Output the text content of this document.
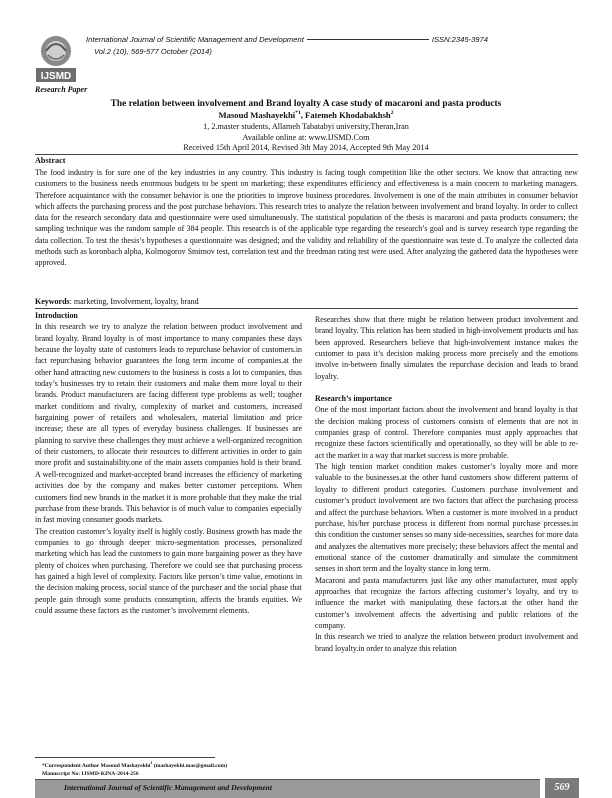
IJSMD
International Journal of Scientific Management and Development	ISSN:2345-3974
Vol.2 (10), 569-577 October (2014)
Research Paper
The relation between involvement and Brand loyalty A case study of macaroni and pasta products
Masoud Mashayekhi$^{*1}$, Fatemeh Khodabakhsh$^2$
1, 2.master students, Allameh Tabatabyi university,Theran,Iran
Available online at: www.IJSMD.Com
Received 15th April 2014, Revised 3th May 2014, Accepted 9th May 2014
Abstract
The food industry is for sure one of the key industries in any country. This industry is facing tough competition like the other sectors. We know that attracting new customers to the business needs enormous budgets to be spent on marketing; these expenditures efficiency and effectiveness is a main concern to marketing managers. Therefore acquaintance with the consumer behavior is one the priorities to improve business procedures. Involvement is one of the main attributes in consumer behavior which affects the purchasing process and the post purchase behaviors. This research tries to analyze the relation between involvement and brand loyalty. In order to collect data for the research secondary data and questionnaire were used simultaneously. The statistical population of the thesis is macaroni and pasta products consumers; the sampling technique was the random sample of 384 people. This research is of the applicable type regarding the research’s goal and is survey research type regarding the data collection. To test the thesis’s hypotheses a questionnaire was designed; and the validity and reliability of the questionnaire was teste d. To analyze the collected data methods such as koronbach alpha, Kolmogorov Smirnov test, correlation test and the freedman rating test were used. After analyzing the gathered data the hypotheses were approved.
Keywords: marketing, Involvement, loyalty, brand

Introduction

In this research we try to analyze the relation between product involvement and brand loyalty. Brand loyalty is of most importance to many companies these days because the loyalty state of customers leads to repurchase behavior of customers.in fact repurchasing behavior guarantees the long term income of companies.at the other hand attracting new customers to the business is costs a lot to companies, thus today’s businesses try to retain their customers and make them more loyal to their brands. Product manufacturers are facing different type problems as well; tougher market conditions and rivalry, complexity of market and customers, increased bargaining power of retailers and wholesalers, material limitation and price increase; these are all types of everyday business challenges. If businesses are planning to survive these challenges they must achieve a well-organized recognition of their customers, to allocate their resources to different activities in order to gain more profit and sustainability.one of the main assets companies hold is their brand. A well-recognized and market-accepted brand increases the efficiency of marketing activities doe by the company and makes better customer perceptions. When customers find new brands in the market it is more probable that they make the trial purchase from these brands. This behavior is of much value to companies especially in fast moving consumer goods markets.

The creation customer’s loyalty itself is highly costly. Business growth has made the companies to go through deeper micro-segmentation processes, personalized marketing which has lead the customers to gain more bargaining power as they have plenty of choices when purchasing. Therefore we could see that purchasing process has gained a high level of complexity. Factors like person’s time value, emotions in the decision making process, social stance of the purchaser and the social phase that people gain through some products consumption, affects the brands equities. We could assume these factors as the customer’s involvement elements.

Researches show that there might be relation between product involvement and brand loyalty. This relation has been studied in high-involvement products and has been approved. Researchers believe that high-involvement instance makes the customer to pass it’s decision making process more precisely and the emotions involve in-between finally simulates the repurchase decision and leads to brand loyalty.

Research’s importance

One of the most important factors about the involvement and brand loyalty is that the decision making process of customers consists of elements that are not in companies grasp of control. Therefore companies must apply approaches that recognize these factors scientifically and operationally, so they will be able to re-act the market in a way that market success is more probable.

The high tension market condition makes customer’s loyalty more and more valuable to the businesses.at the other hand customers show different patterns of loyalty to different product categories. Customers purchase involvement and customer’s product involvement are two factors that affect the purchasing process and affect the purchase behaviors. When a customer is more involved in a product purchase, his/her purchase process is different from normal purchase prcesses.in this condition the customer senses so many side-necessities, searches for more data and analyzes the alternatives more precisely; these behaviors affect the mental and emotional stance of the customer dramatically and simulate the commitment senses in short term and the loyalty stance in long term.

Macaroni and pasta manufacturers just like any other manufacturer, must apply approaches that recognize the factors affecting customer’s loyalty, and try to influence the market with manipulating these factors.at the other hand the customer’s involvement affects the advertising and public relations of the company.

In this research we tried to analyze the relation between product involvement and brand loyalty.in order to analyze this relation

*Correspondent Author Masoud Mashayekhi$^1$ (mashayekhi.mas@gmail.com)
Manuscript No: IJSMD-KINA-2014-256
International Journal of Scientific Management and Development	569
